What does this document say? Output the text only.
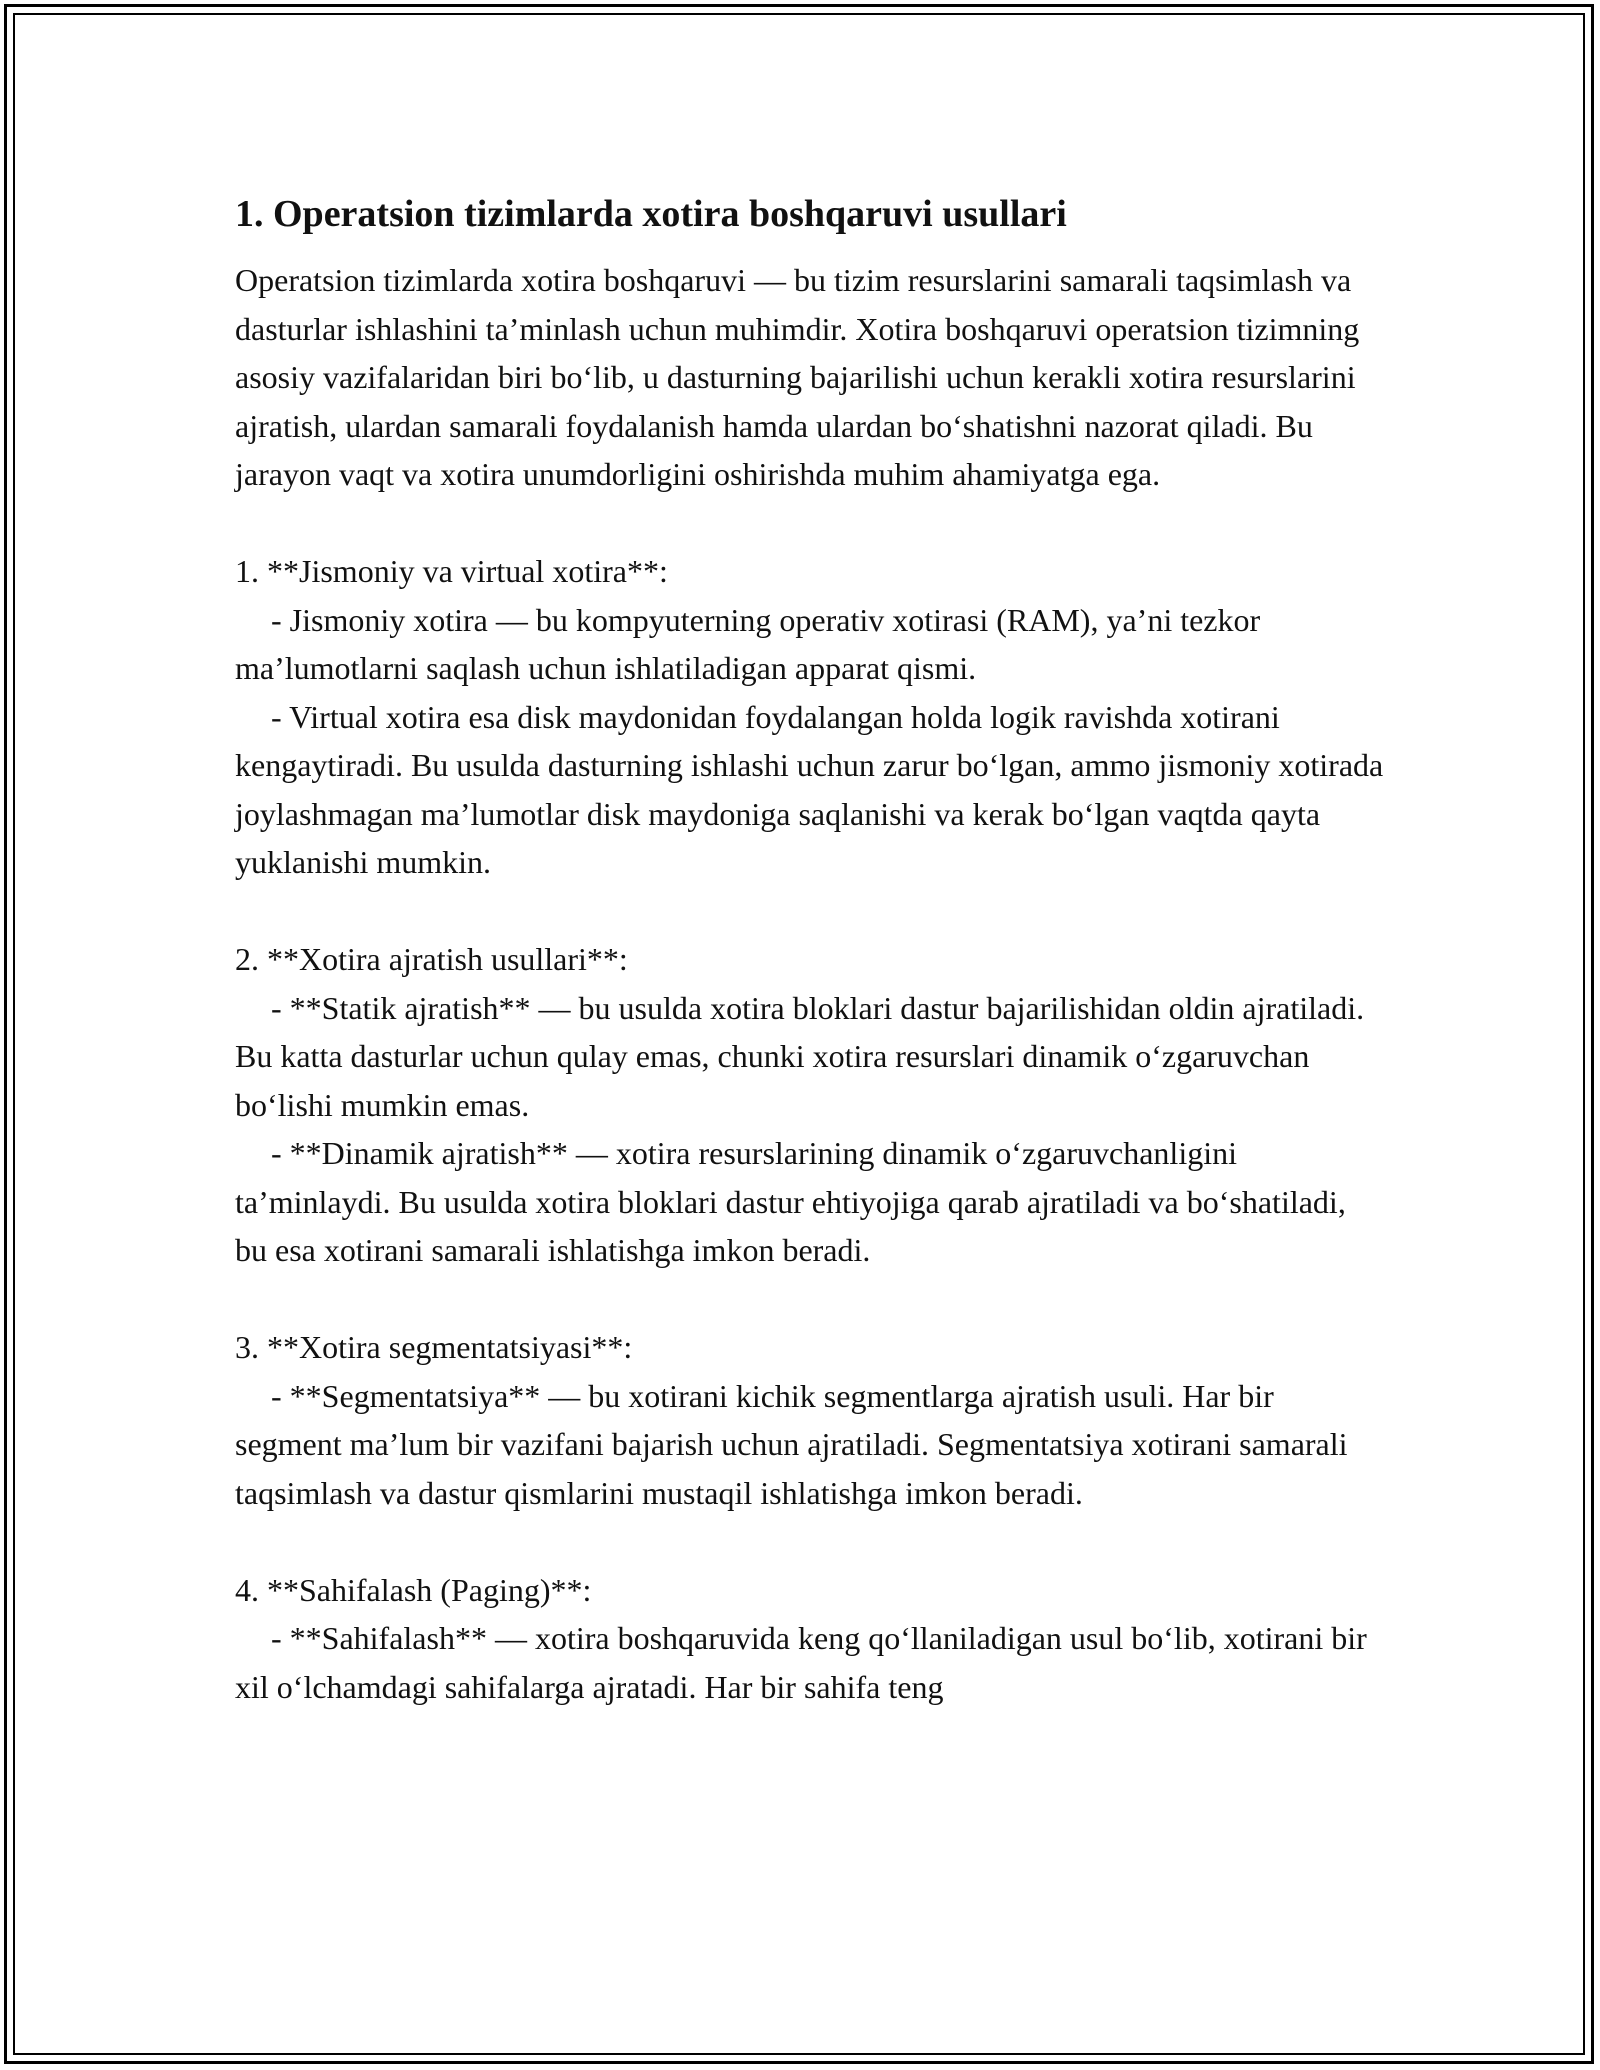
1. Operatsion tizimlarda xotira boshqaruvi usullari

Operatsion tizimlarda xotira boshqaruvi — bu tizim resurslarini samarali taqsimlash va dasturlar ishlashini ta’minlash uchun muhimdir. Xotira boshqaruvi operatsion tizimning asosiy vazifalaridan biri bo‘lib, u dasturning bajarilishi uchun kerakli xotira resurslarini ajratish, ulardan samarali foydalanish hamda ulardan bo‘shatishni nazorat qiladi. Bu jarayon vaqt va xotira unumdorligini oshirishda muhim ahamiyatga ega.

1. **Jismoniy va virtual xotira**:

- Jismoniy xotira — bu kompyuterning operativ xotirasi (RAM), ya’ni tezkor ma’lumotlarni saqlash uchun ishlatiladigan apparat qismi.

- Virtual xotira esa disk maydonidan foydalangan holda logik ravishda xotirani kengaytiradi. Bu usulda dasturning ishlashi uchun zarur bo‘lgan, ammo jismoniy xotirada joylashmagan ma’lumotlar disk maydoniga saqlanishi va kerak bo‘lgan vaqtda qayta yuklanishi mumkin.

2. **Xotira ajratish usullari**:

- **Statik ajratish** — bu usulda xotira bloklari dastur bajarilishidan oldin ajratiladi. Bu katta dasturlar uchun qulay emas, chunki xotira resurslari dinamik o‘zgaruvchan bo‘lishi mumkin emas.

- **Dinamik ajratish** — xotira resurslarining dinamik o‘zgaruvchanligini ta’minlaydi. Bu usulda xotira bloklari dastur ehtiyojiga qarab ajratiladi va bo‘shatiladi, bu esa xotirani samarali ishlatishga imkon beradi.

3. **Xotira segmentatsiyasi**:

- **Segmentatsiya** — bu xotirani kichik segmentlarga ajratish usuli. Har bir segment ma’lum bir vazifani bajarish uchun ajratiladi. Segmentatsiya xotirani samarali taqsimlash va dastur qismlarini mustaqil ishlatishga imkon beradi.

4. **Sahifalash (Paging)**:

- **Sahifalash** — xotira boshqaruvida keng qo‘llaniladigan usul bo‘lib, xotirani bir xil o‘lchamdagi sahifalarga ajratadi. Har bir sahifa teng
